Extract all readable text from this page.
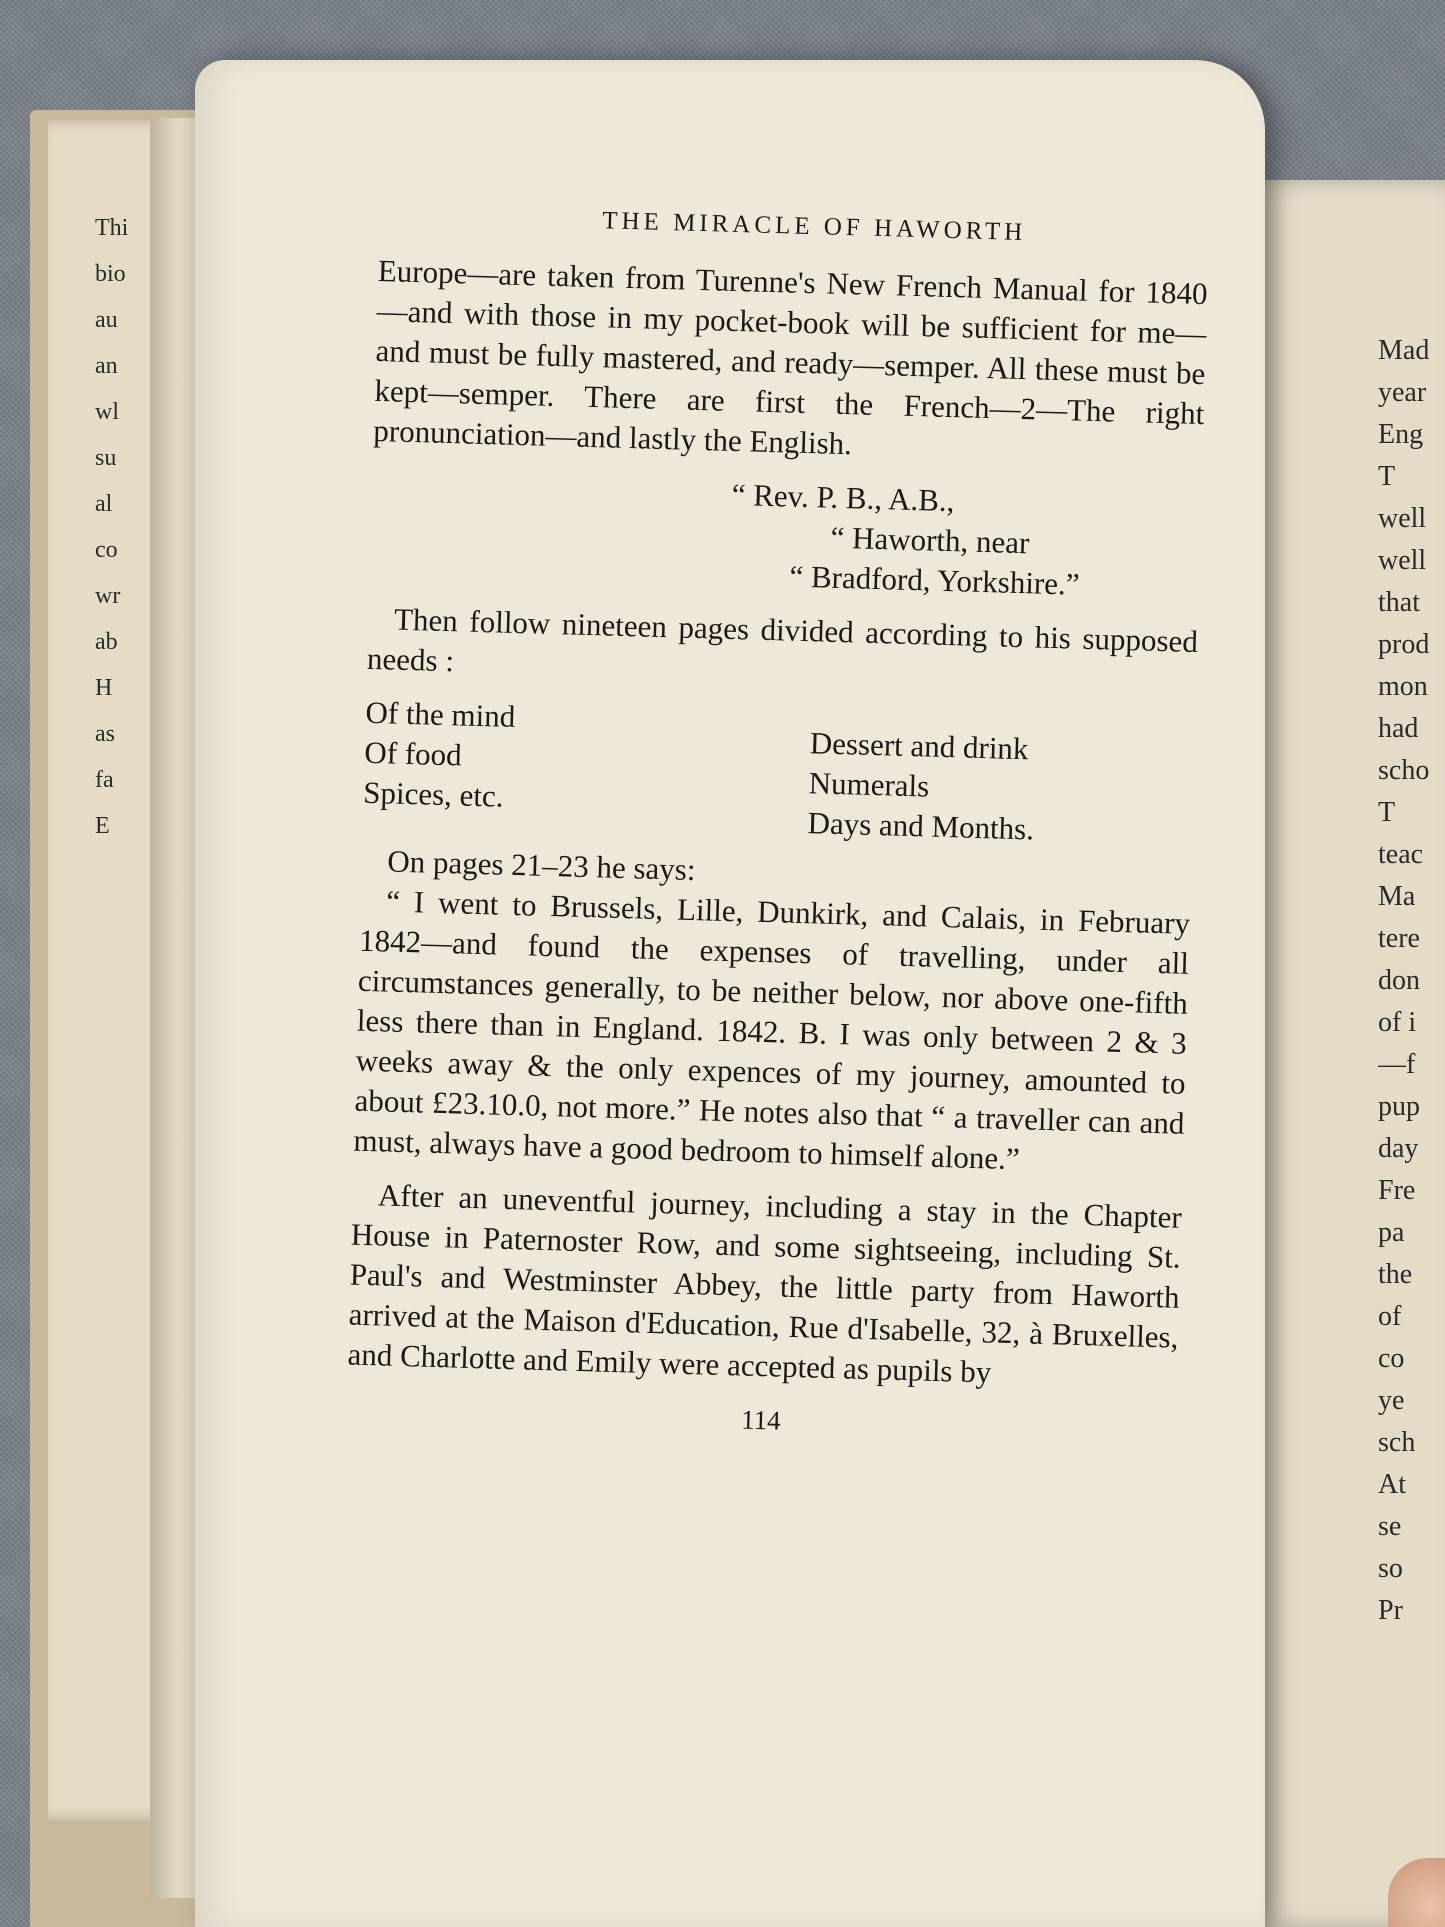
Thi
bio
au
an
wl
su
al
co
wr
ab
H
as
fa
E
Mad
year
Eng
T
well
well
that
prod
mon
had
scho
T
teac
Ma
tere
don
of i
—f
pup
day
Fre
pa
the
of
co
ye
sch
At
se
so
Pr
THE MIRACLE OF HAWORTH

Europe—are taken from Turenne's New French Manual for 1840—and with those in my pocket-book will be sufficient for me—and must be fully mastered, and ready—semper. All these must be kept—semper. There are first the French—2—The right pronunciation—and lastly the English.

“ Rev. P. B., A.B.,
“ Haworth, near
“ Bradford, Yorkshire.”

Then follow nineteen pages divided according to his supposed needs :

Of the mind
Of food
Spices, etc.
Dessert and drink
Numerals
Days and Months.

On pages 21–23 he says:

“ I went to Brussels, Lille, Dunkirk, and Calais, in February 1842—and found the expenses of travelling, under all circumstances generally, to be neither below, nor above one-fifth less there than in England. 1842. B. I was only between 2 & 3 weeks away & the only expences of my journey, amounted to about £23.10.0, not more.” He notes also that “ a traveller can and must, always have a good bedroom to himself alone.”

After an uneventful journey, including a stay in the Chapter House in Paternoster Row, and some sightseeing, including St. Paul's and Westminster Abbey, the little party from Haworth arrived at the Maison d'Education, Rue d'Isabelle, 32, à Bruxelles, and Charlotte and Emily were accepted as pupils by

114
